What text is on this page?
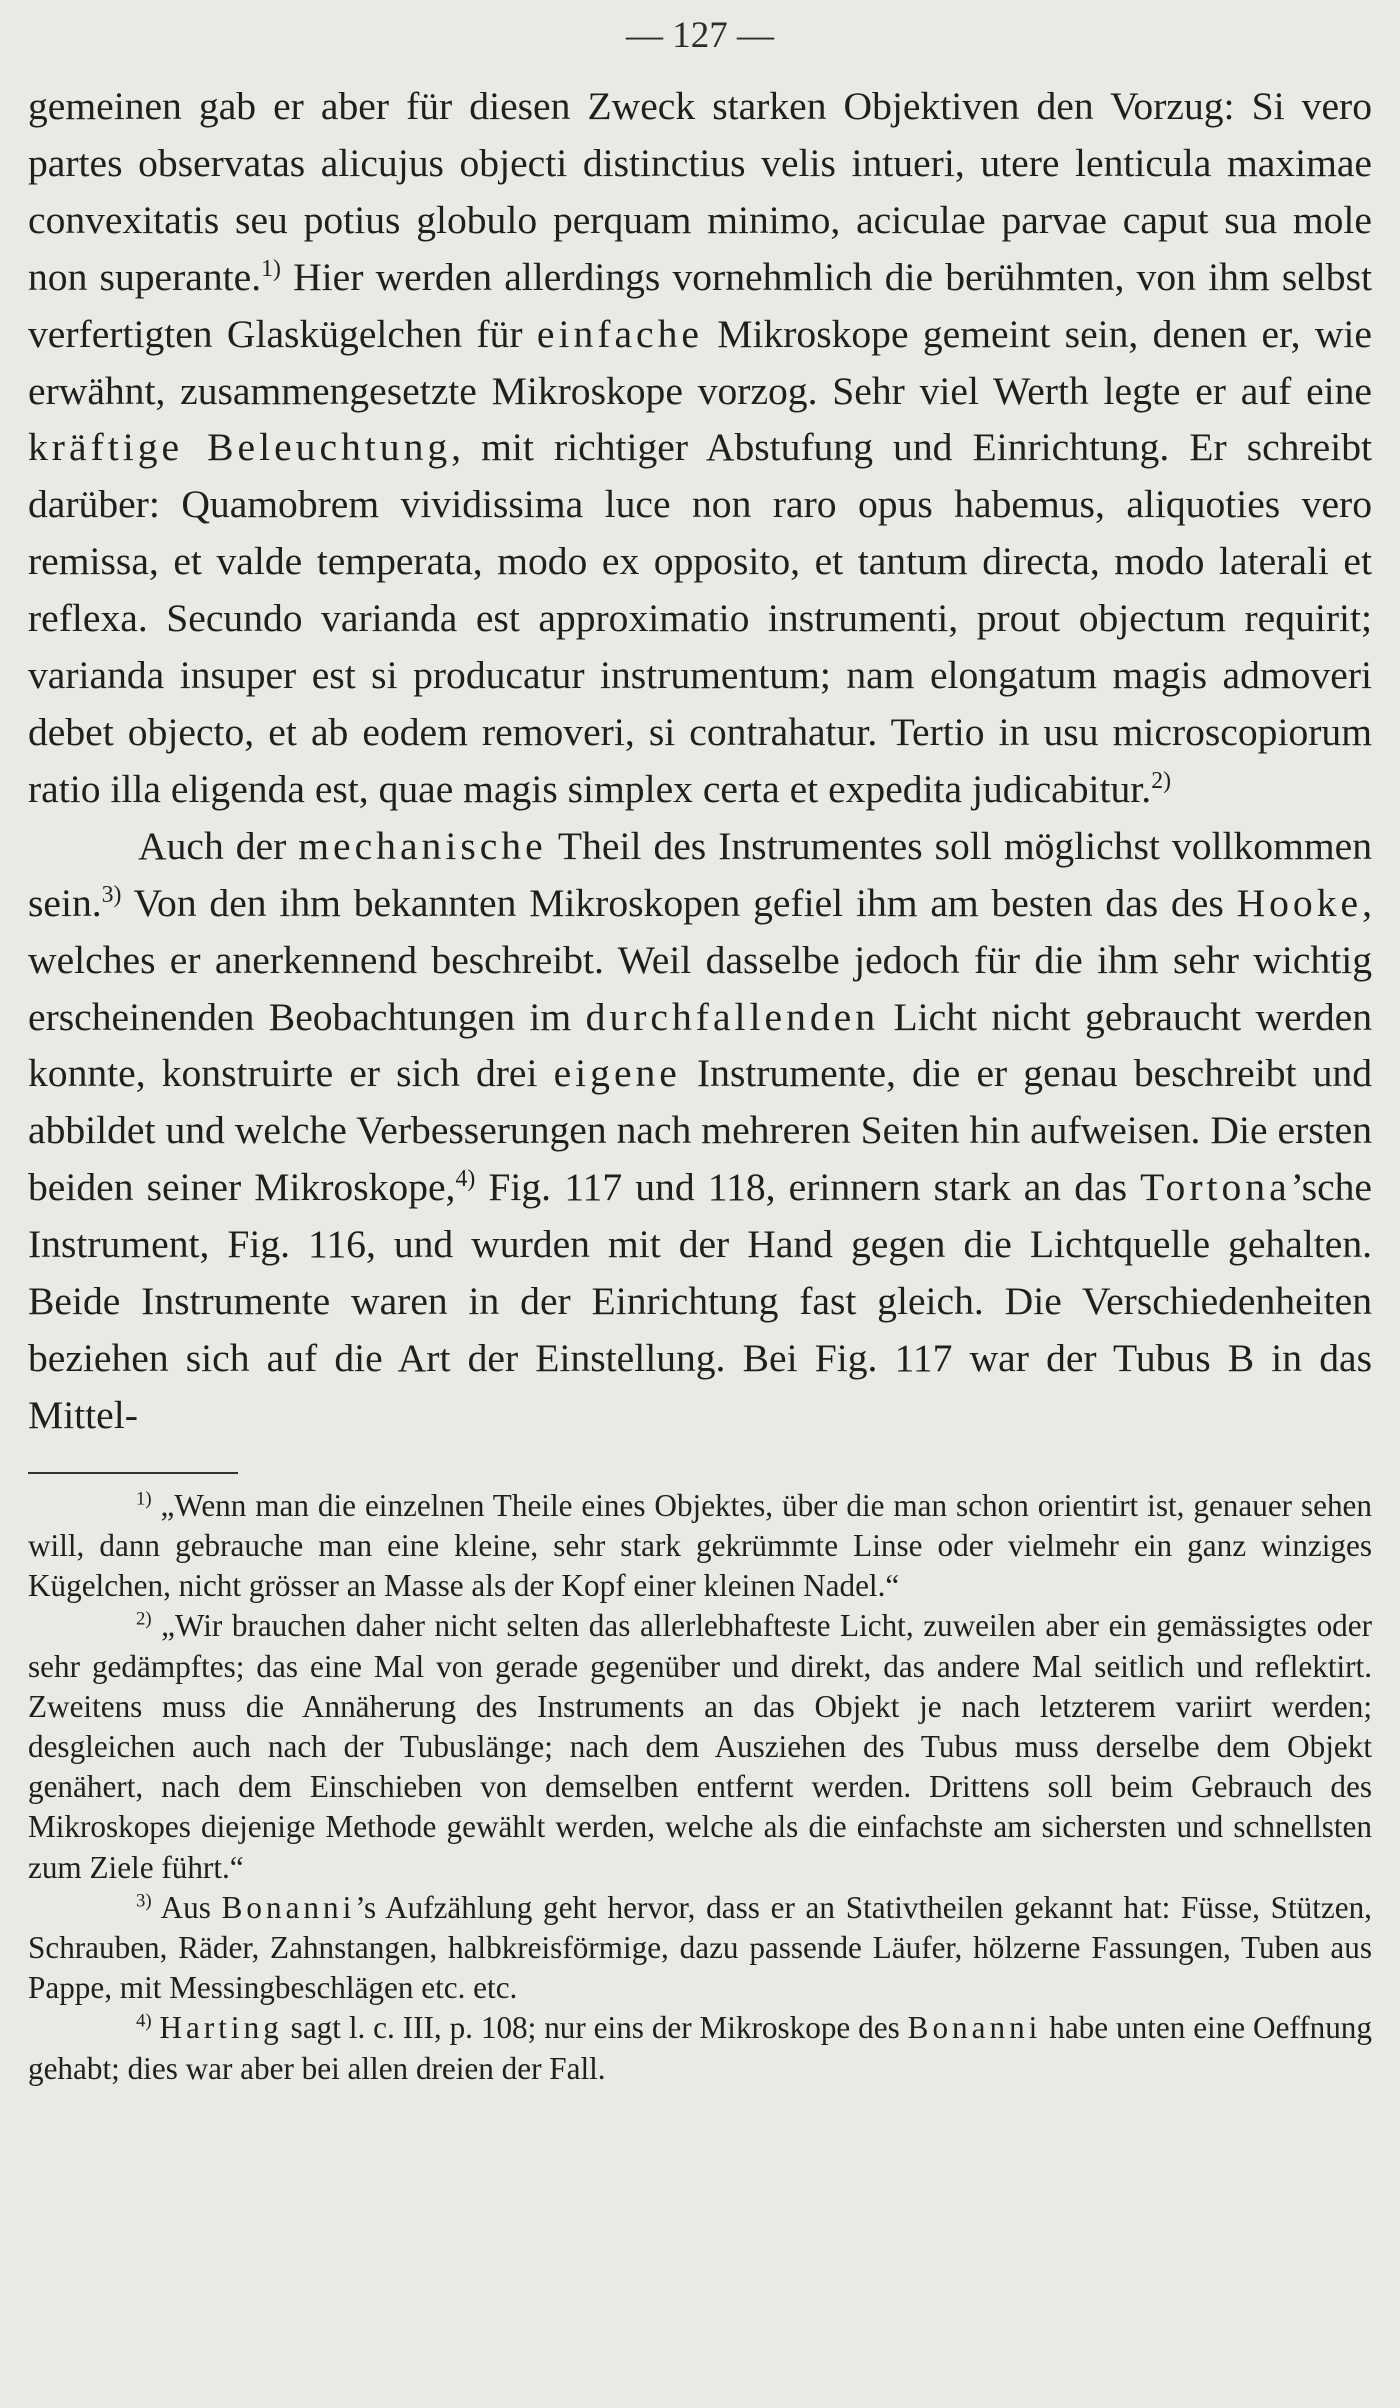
— 127 —

gemeinen gab er aber für diesen Zweck starken Objektiven den Vorzug: Si vero partes observatas alicujus objecti distinctius velis intueri, utere lenticula maximae convexitatis seu potius globulo perquam minimo, aciculae parvae caput sua mole non superante.$^{1)}$ Hier werden allerdings vornehmlich die berühmten, von ihm selbst verfertigten Glaskügelchen für einfache Mikroskope gemeint sein, denen er, wie erwähnt, zusammengesetzte Mikroskope vorzog. Sehr viel Werth legte er auf eine kräftige Beleuchtung, mit richtiger Abstufung und Einrichtung. Er schreibt darüber: Quamobrem vividissima luce non raro opus habemus, aliquoties vero remissa, et valde temperata, modo ex opposito, et tantum directa, modo laterali et reflexa. Secundo varianda est approximatio instrumenti, prout objectum requirit; varianda insuper est si producatur instrumentum; nam elongatum magis admoveri debet objecto, et ab eodem removeri, si contrahatur. Tertio in usu microscopiorum ratio illa eligenda est, quae magis simplex certa et expedita judicabitur.$^{2)}$

Auch der mechanische Theil des Instrumentes soll möglichst vollkommen sein.$^{3)}$ Von den ihm bekannten Mikroskopen gefiel ihm am besten das des Hooke, welches er anerkennend beschreibt. Weil dasselbe jedoch für die ihm sehr wichtig erscheinenden Beobachtungen im durchfallenden Licht nicht gebraucht werden konnte, konstruirte er sich drei eigene Instrumente, die er genau beschreibt und abbildet und welche Verbesserungen nach mehreren Seiten hin aufweisen. Die ersten beiden seiner Mikroskope,$^{4)}$ Fig. 117 und 118, erinnern stark an das Tortona’sche Instrument, Fig. 116, und wurden mit der Hand gegen die Lichtquelle gehalten. Beide Instrumente waren in der Einrichtung fast gleich. Die Verschiedenheiten beziehen sich auf die Art der Einstellung. Bei Fig. 117 war der Tubus B in das Mittel-

$^{1)}$ „Wenn man die einzelnen Theile eines Objektes, über die man schon orientirt ist, genauer sehen will, dann gebrauche man eine kleine, sehr stark gekrümmte Linse oder vielmehr ein ganz winziges Kügelchen, nicht grösser an Masse als der Kopf einer kleinen Nadel.“

$^{2)}$ „Wir brauchen daher nicht selten das allerlebhafteste Licht, zuweilen aber ein gemässigtes oder sehr gedämpftes; das eine Mal von gerade gegenüber und direkt, das andere Mal seitlich und reflektirt. Zweitens muss die Annäherung des Instruments an das Objekt je nach letzterem variirt werden; desgleichen auch nach der Tubuslänge; nach dem Ausziehen des Tubus muss derselbe dem Objekt genähert, nach dem Einschieben von demselben entfernt werden. Drittens soll beim Gebrauch des Mikroskopes diejenige Methode gewählt werden, welche als die einfachste am sichersten und schnellsten zum Ziele führt.“

$^{3)}$ Aus Bonanni’s Aufzählung geht hervor, dass er an Stativtheilen gekannt hat: Füsse, Stützen, Schrauben, Räder, Zahnstangen, halbkreisförmige, dazu passende Läufer, hölzerne Fassungen, Tuben aus Pappe, mit Messingbeschlägen etc. etc.

$^{4)}$ Harting sagt l. c. III, p. 108; nur eins der Mikroskope des Bonanni habe unten eine Oeffnung gehabt; dies war aber bei allen dreien der Fall.
